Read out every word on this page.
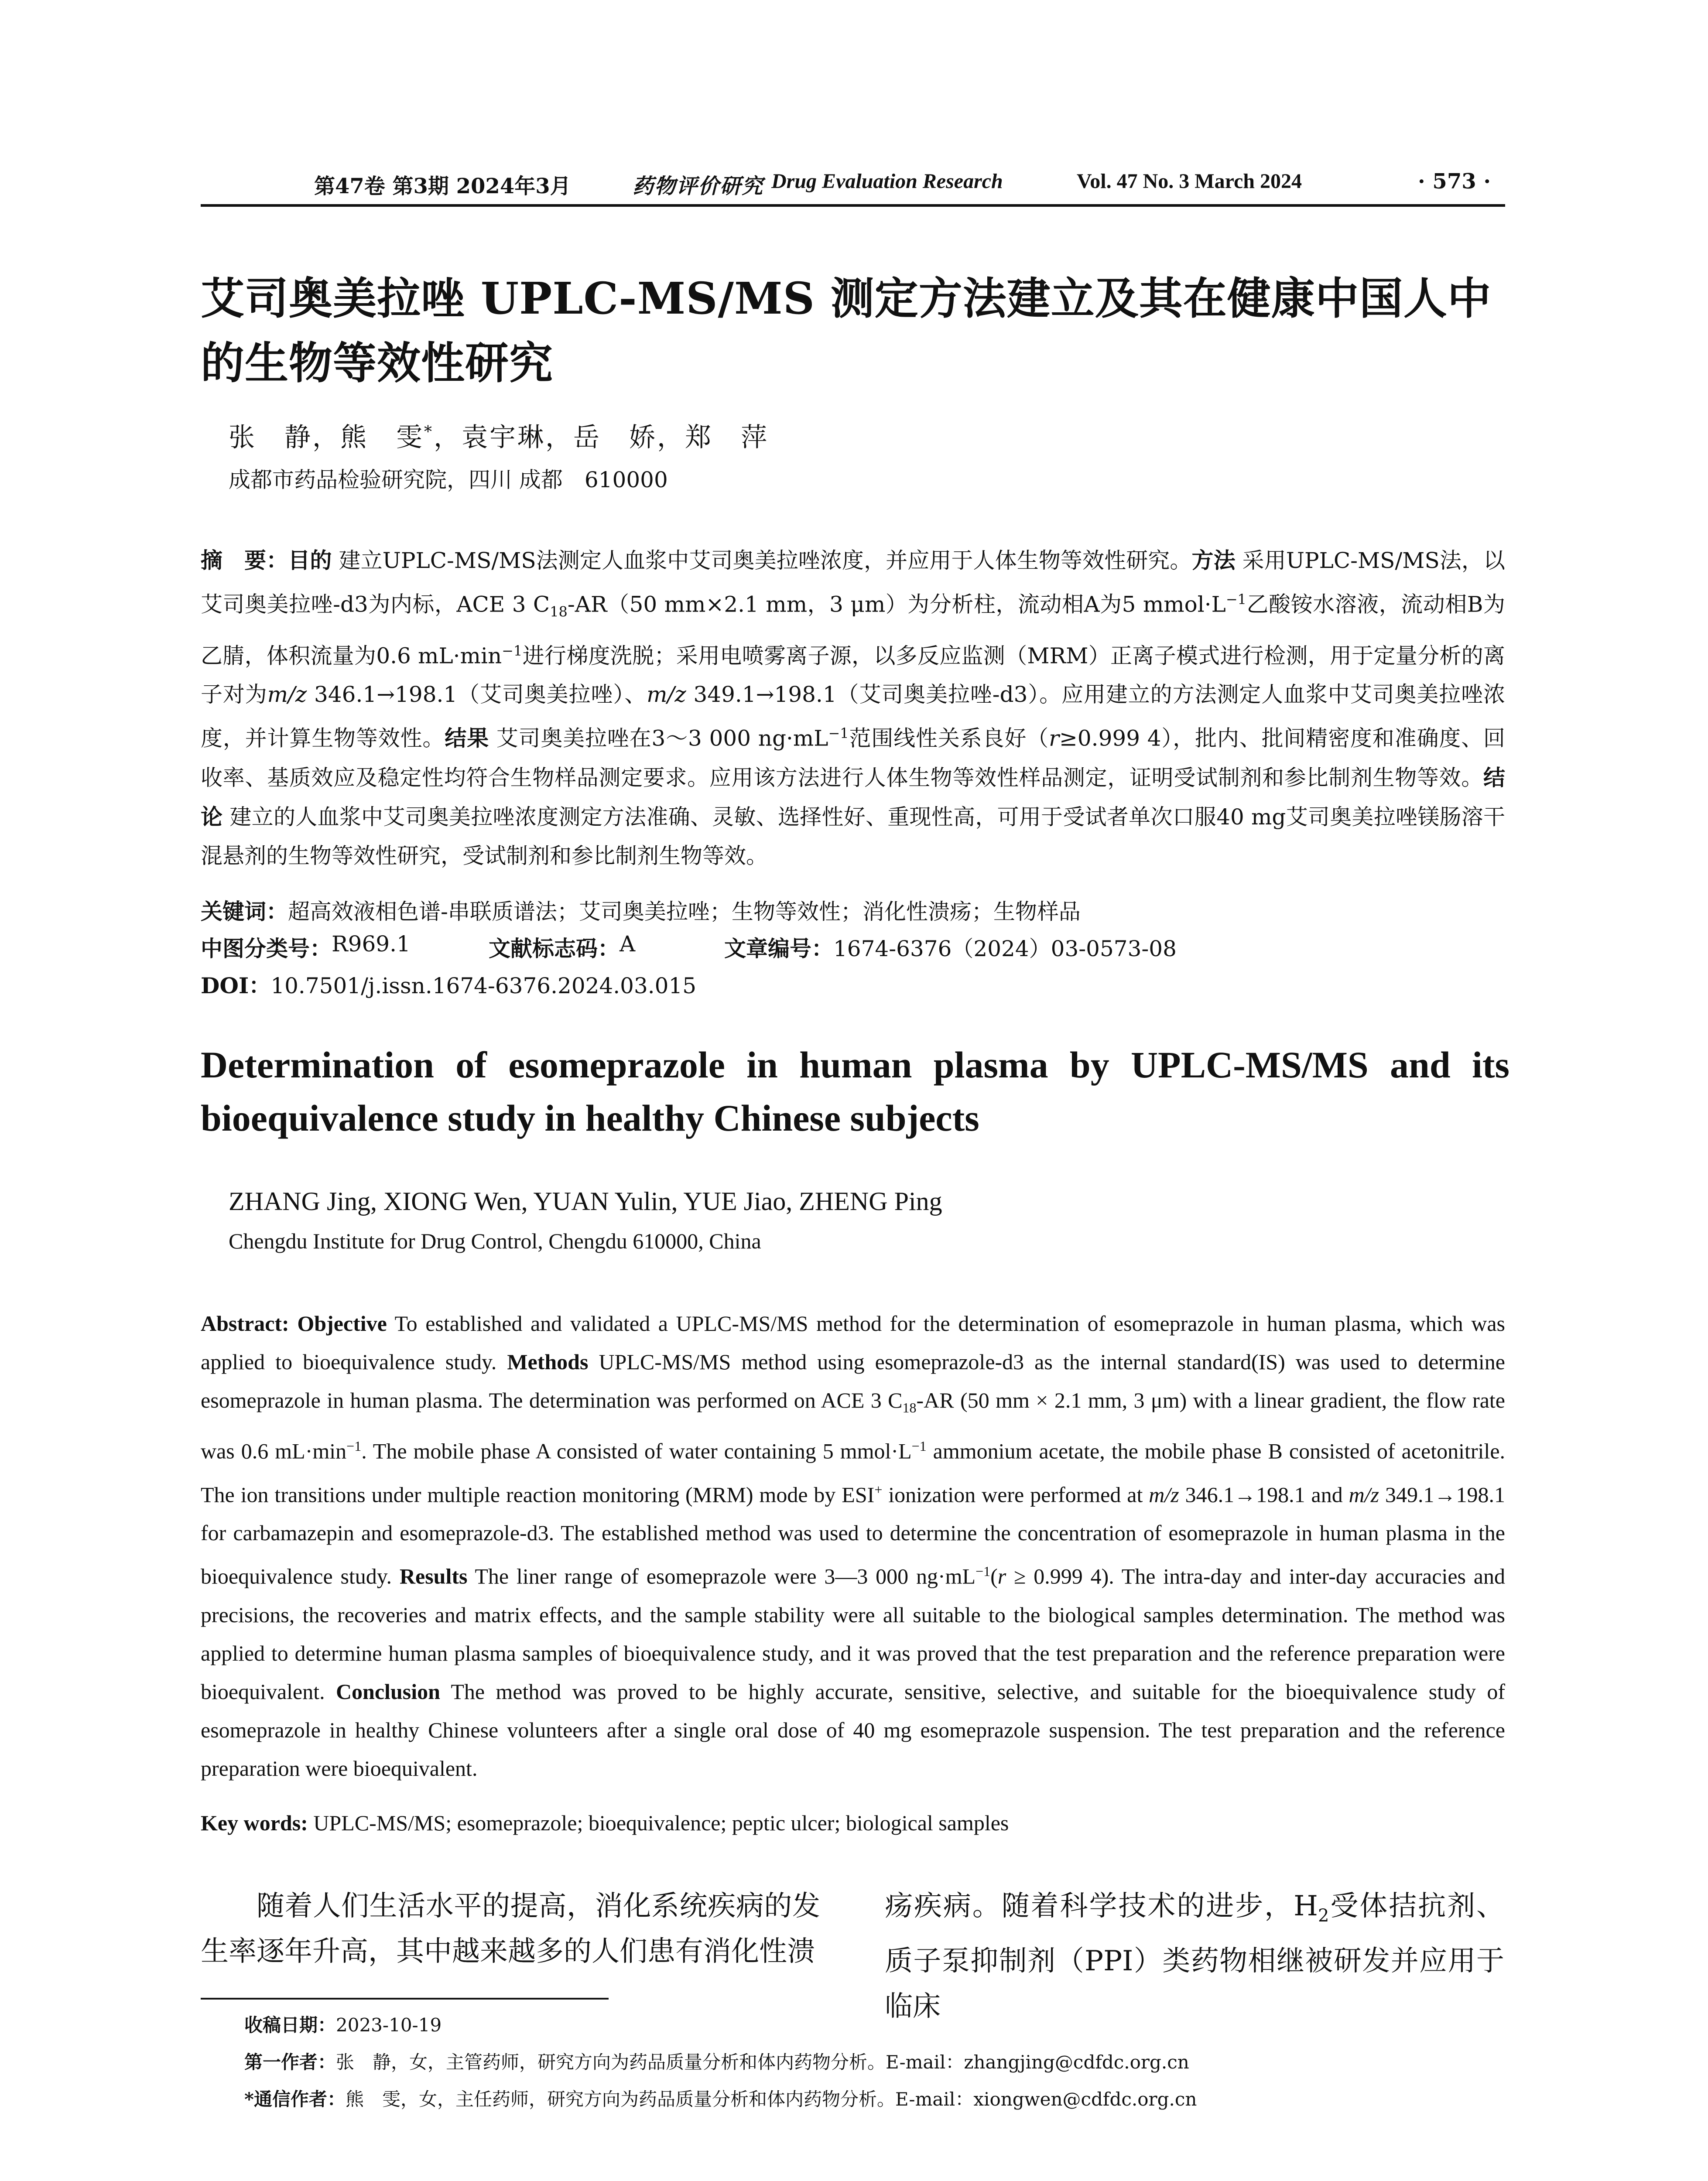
第47卷 第3期 2024年3月	药物评价研究 Drug Evaluation Research	Vol. 47 No. 3 March 2024	· 573 ·
艾司奥美拉唑 UPLC-MS/MS 测定方法建立及其在健康中国人中的生物等效性研究
张　静，熊　雯*，袁宇琳，岳　娇，郑　萍
成都市药品检验研究院，四川 成都　610000
摘　要：目的 建立UPLC-MS/MS法测定人血浆中艾司奥美拉唑浓度，并应用于人体生物等效性研究。方法 采用UPLC-MS/MS法，以艾司奥美拉唑-d3为内标，ACE 3 $C_{18}-AR(50$ mm×2.1 mm，3 μm）为分析柱，流动相A为5 $mmol\cdot L^{-1}$乙酸铵水溶液，流动相B为乙腈，体积流量为0.6 $mL\cdot\min^{-1}$进行梯度洗脱；采用电喷雾离子源，以多反应监测（MRM）正离子模式进行检测，用于定量分析的离子对为m/z 346.1→198.1（艾司奥美拉唑）、m/z 349.1→198.1（艾司奥美拉唑-d3）。应用建立的方法测定人血浆中艾司奥美拉唑浓度，并计算生物等效性。结果 艾司奥美拉唑在3～3 000 $ng\cdot mL^{-1}$范围线性关系良好（r≥0.999 4），批内、批间精密度和准确度、回收率、基质效应及稳定性均符合生物样品测定要求。应用该方法进行人体生物等效性样品测定，证明受试制剂和参比制剂生物等效。结论 建立的人血浆中艾司奥美拉唑浓度测定方法准确、灵敏、选择性好、重现性高，可用于受试者单次口服40 mg艾司奥美拉唑镁肠溶干混悬剂的生物等效性研究，受试制剂和参比制剂生物等效。
关键词：超高效液相色谱-串联质谱法；艾司奥美拉唑；生物等效性；消化性溃疡；生物样品
中图分类号： R969.1	文献标志码： A	文章编号： 1674-6376（2024）03-0573-08
DOI：10.7501/j.issn.1674-6376.2024.03.015
Determination of esomeprazole in human plasma by UPLC-MS/MS and its bioequivalence study in healthy Chinese subjects
ZHANG Jing, XIONG Wen, YUAN Yulin, YUE Jiao, ZHENG Ping
Chengdu Institute for Drug Control, Chengdu 610000, China
Abstract: Objective To established and validated a UPLC-MS/MS method for the determination of esomeprazole in human plasma, which was applied to bioequivalence study. Methods UPLC-MS/MS method using esomeprazole-d3 as the internal standard(IS) was used to determine esomeprazole in human plasma. The determination was performed on ACE 3 $C_{18}-AR$ (50 mm × 2.1 mm, 3 μm) with a linear gradient, the flow rate was 0.6 $mL\cdot\min^{-1}$. The mobile phase A consisted of water containing 5 $mmol\cdot L^{-1}$ ammonium acetate, the mobile phase B consisted of acetonitrile. The ion transitions under multiple reaction monitoring (MRM) mode by ESI+ ionization were performed at m/z 346.1→198.1 and m/z 349.1→198.1 for carbamazepin and esomeprazole-d3. The established method was used to determine the concentration of esomeprazole in human plasma in the bioequivalence study. Results The liner range of esomeprazole were 3—3 000 $ng\cdot mL^{-1}(r \ge 0.999$ 4). The intra-day and inter-day accuracies and precisions, the recoveries and matrix effects, and the sample stability were all suitable to the biological samples determination. The method was applied to determine human plasma samples of bioequivalence study, and it was proved that the test preparation and the reference preparation were bioequivalent. Conclusion The method was proved to be highly accurate, sensitive, selective, and suitable for the bioequivalence study of esomeprazole in healthy Chinese volunteers after a single oral dose of 40 mg esomeprazole suspension. The test preparation and the reference preparation were bioequivalent.
Key words: UPLC-MS/MS; esomeprazole; bioequivalence; peptic ulcer; biological samples
随着人们生活水平的提高，消化系统疾病的发生率逐年升高，其中越来越多的人们患有消化性溃
疡疾病。随着科学技术的进步，$H_2$受体拮抗剂、质子泵抑制剂（PPI）类药物相继被研发并应用于临床
收稿日期：2023-10-19
第一作者：张　静，女，主管药师，研究方向为药品质量分析和体内药物分析。E-mail：zhangjing@cdfdc.org.cn
*通信作者：熊　雯，女，主任药师，研究方向为药品质量分析和体内药物分析。E-mail：xiongwen@cdfdc.org.cn
